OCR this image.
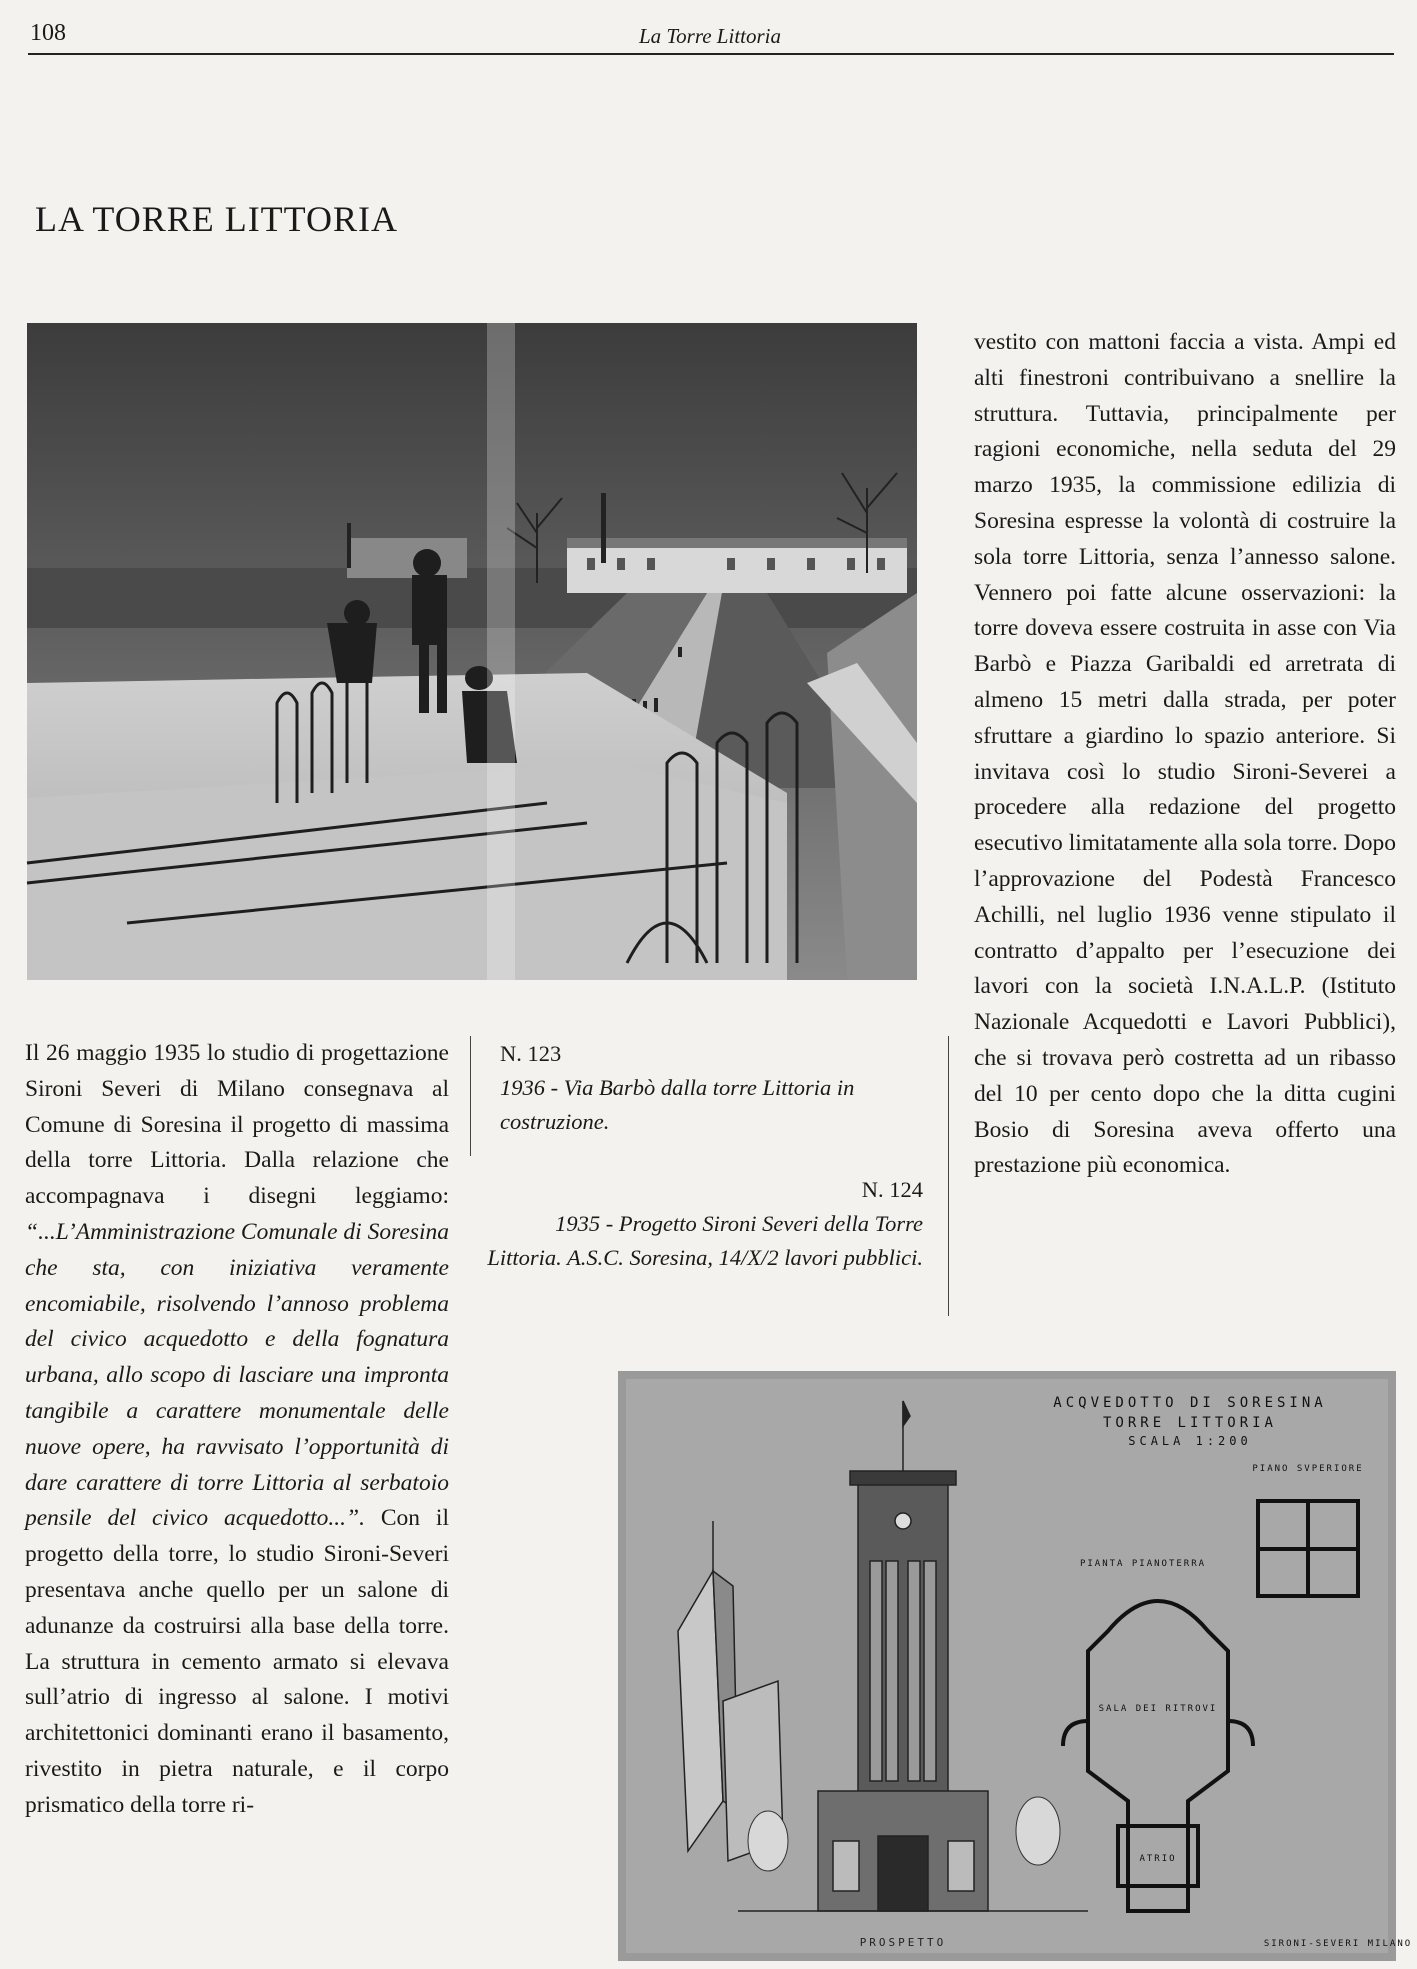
108	La Torre Littoria
LA TORRE LITTORIA

Il 26 maggio 1935 lo studio di progettazione Sironi Severi di Milano consegnava al Comune di Soresina il progetto di massima della torre Littoria. Dalla relazione che accompagnava i disegni leggiamo: “...L’Amministrazione Comunale di Soresina che sta, con iniziativa veramente encomiabile, risolvendo l’annoso problema del civico acquedotto e della fognatura urbana, allo scopo di lasciare una impronta tangibile a carattere monumentale delle nuove opere, ha ravvisato l’opportunità di dare carattere di torre Littoria al serbatoio pensile del civico acquedotto...”. Con il progetto della torre, lo studio Sironi-Severi presentava anche quello per un salone di adunanze da costruirsi alla base della torre. La struttura in cemento armato si elevava sull’atrio di ingresso al salone. I motivi architettonici dominanti erano il basamento, rivestito in pietra naturale, e il corpo prismatico della torre ri-

N. 123
1936 - Via Barbò dalla torre Littoria in costruzione.
N. 124
1935 - Progetto Sironi Severi della Torre Littoria. A.S.C. Soresina, 14/X/2 lavori pubblici.

vestito con mattoni faccia a vista. Ampi ed alti finestroni contribuivano a snellire la struttura. Tuttavia, principalmente per ragioni economiche, nella seduta del 29 marzo 1935, la commissione edilizia di Soresina espresse la volontà di costruire la sola torre Littoria, senza l’annesso salone. Vennero poi fatte alcune osservazioni: la torre doveva essere costruita in asse con Via Barbò e Piazza Garibaldi ed arretrata di almeno 15 metri dalla strada, per poter sfruttare a giardino lo spazio anteriore. Si invitava così lo studio Sironi-Severei a procedere alla redazione del progetto esecutivo limitatamente alla sola torre. Dopo l’approvazione del Podestà Francesco Achilli, nel luglio 1936 venne stipulato il contratto d’appalto per l’esecuzione dei lavori con la società I.N.A.L.P. (Istituto Nazionale Acquedotti e Lavori Pubblici), che si trovava però costretta ad un ribasso del 10 per cento dopo che la ditta cugini Bosio di Soresina aveva offerto una prestazione più economica.

ACQVEDOTTO DI SORESINA
TORRE LITTORIA
SCALA 1:200
PROSPETTO
PIANO SVPERIORE
PIANTA PIANOTERRA
SALA DEI RITROVI
ATRIO
SIRONI-SEVERI MILANO
